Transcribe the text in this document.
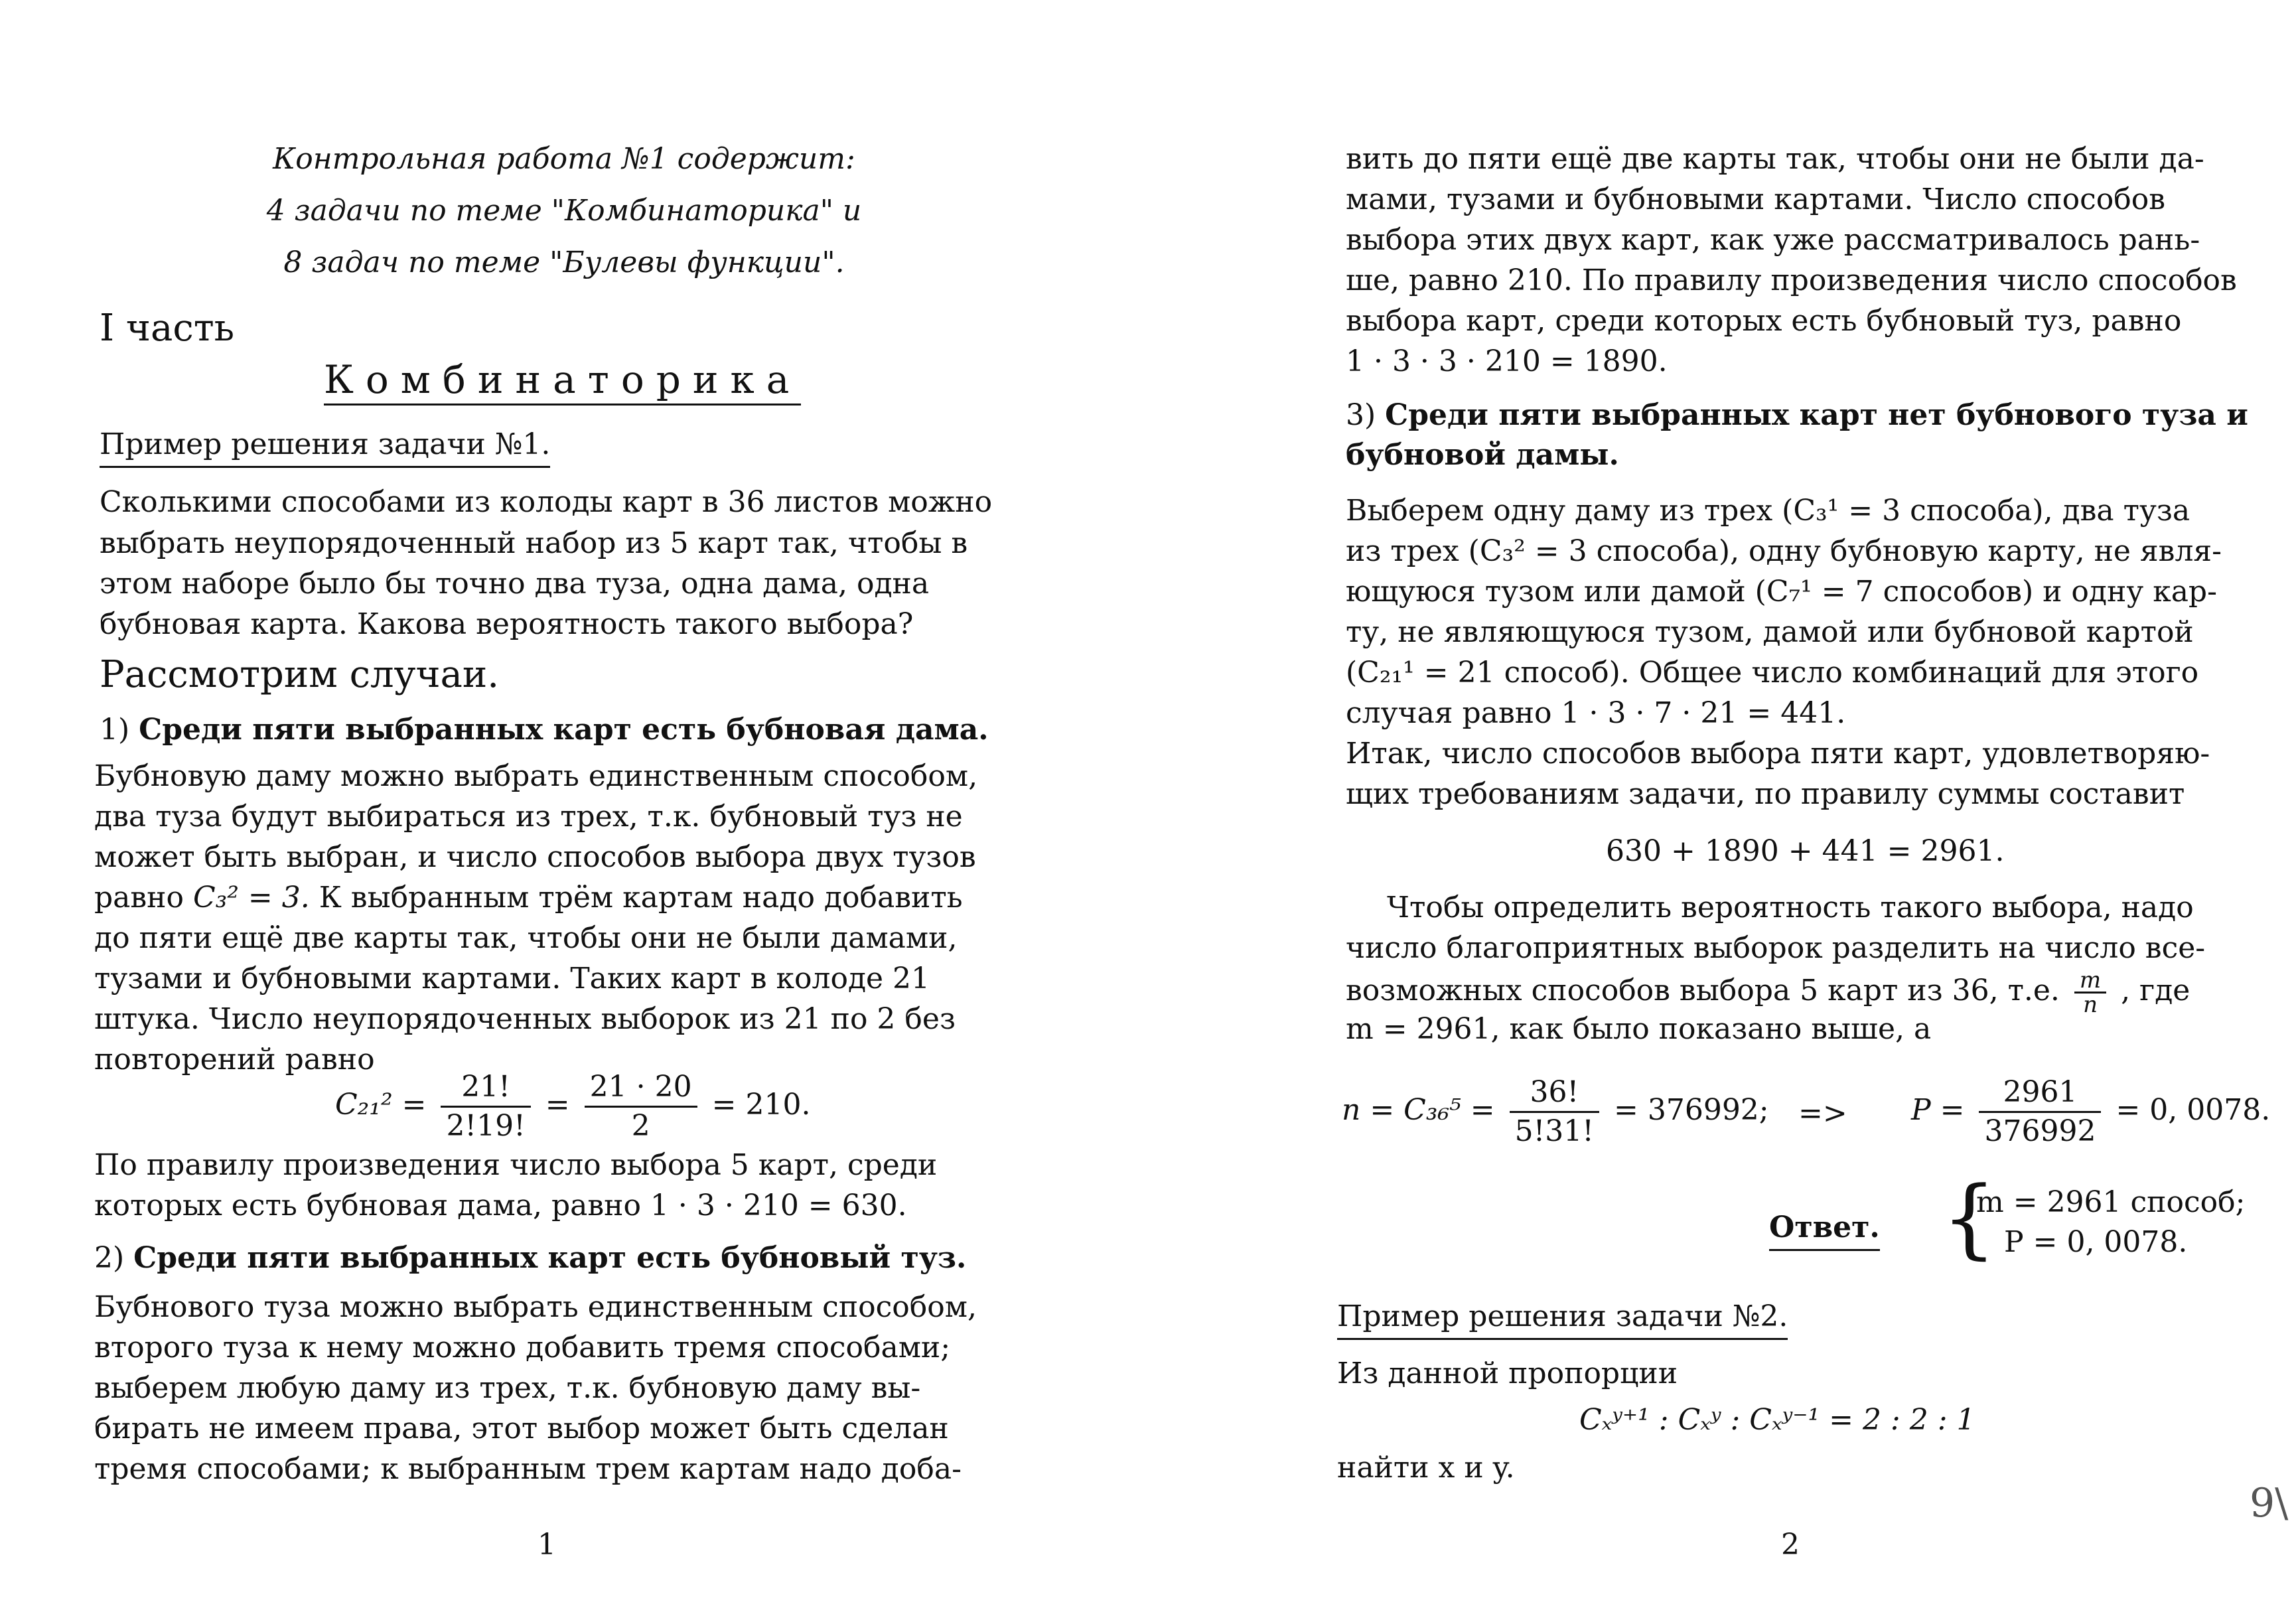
Контрольная работа №1 содержит:
4 задачи по теме "Комбинаторика" и
8 задач по теме "Булевы функции".
I часть
Комбинаторика
Пример решения задачи №1.
Сколькими способами из колоды карт в 36 листов можно
выбрать неупорядоченный набор из 5 карт так, чтобы в
этом наборе было бы точно два туза, одна дама, одна
бубновая карта. Какова вероятность такого выбора?
Рассмотрим случаи.
1) Среди пяти выбранных карт есть бубновая дама.
Бубновую даму можно выбрать единственным способом,
два туза будут выбираться из трех, т.к. бубновый туз не
может быть выбран, и число способов выбора двух тузов
равно C₃² = 3. К выбранным трём картам надо добавить
до пяти ещё две карты так, чтобы они не были дамами,
тузами и бубновыми картами. Таких карт в колоде 21
штука. Число неупорядоченных выборок из 21 по 2 без
повторений равно
$C_{21}^2 = \frac{21!}{2!19!} = \frac{21 \cdot 20}{2} = 210$.
По правилу произведения число выбора 5 карт, среди
которых есть бубновая дама, равно 1 · 3 · 210 = 630.
2) Среди пяти выбранных карт есть бубновый туз.
Бубнового туза можно выбрать единственным способом,
второго туза к нему можно добавить тремя способами;
выберем любую даму из трех, т.к. бубновую даму вы-
бирать не имеем права, этот выбор может быть сделан
тремя способами; к выбранным трем картам надо доба-
1
вить до пяти ещё две карты так, чтобы они не были да-
мами, тузами и бубновыми картами. Число способов
выбора этих двух карт, как уже рассматривалось рань-
ше, равно 210. По правилу произведения число способов
выбора карт, среди которых есть бубновый туз, равно
1 · 3 · 3 · 210 = 1890.
3) Среди пяти выбранных карт нет бубнового туза и
бубновой дамы.
Выберем одну даму из трех (C₃¹ = 3 способа), два туза
из трех (C₃² = 3 способа), одну бубновую карту, не явля-
ющуюся тузом или дамой (C₇¹ = 7 способов) и одну кар-
ту, не являющуюся тузом, дамой или бубновой картой
(C₂₁¹ = 21 способ). Общее число комбинаций для этого
случая равно 1 · 3 · 7 · 21 = 441.
Итак, число способов выбора пяти карт, удовлетворяю-
щих требованиям задачи, по правилу суммы составит
630 + 1890 + 441 = 2961.
Чтобы определить вероятность такого выбора, надо
число благоприятных выборок разделить на число все-
возможных способов выбора 5 карт из 36, т.е. $\frac{m}{n}$ , где
m = 2961, как было показано выше, а
$n = C_{36}^5 = \frac{36!}{5!31!} = 376992$; => $P = \frac{2961}{376992} = 0$, 0078.
Ответ. {
m = 2961 способ;
P = 0, 0078.
Пример решения задачи №2.
Из данной пропорции
Cₓʸ⁺¹ : Cₓʸ : Cₓʸ⁻¹ = 2 : 2 : 1
найти x и y.
2
9\
